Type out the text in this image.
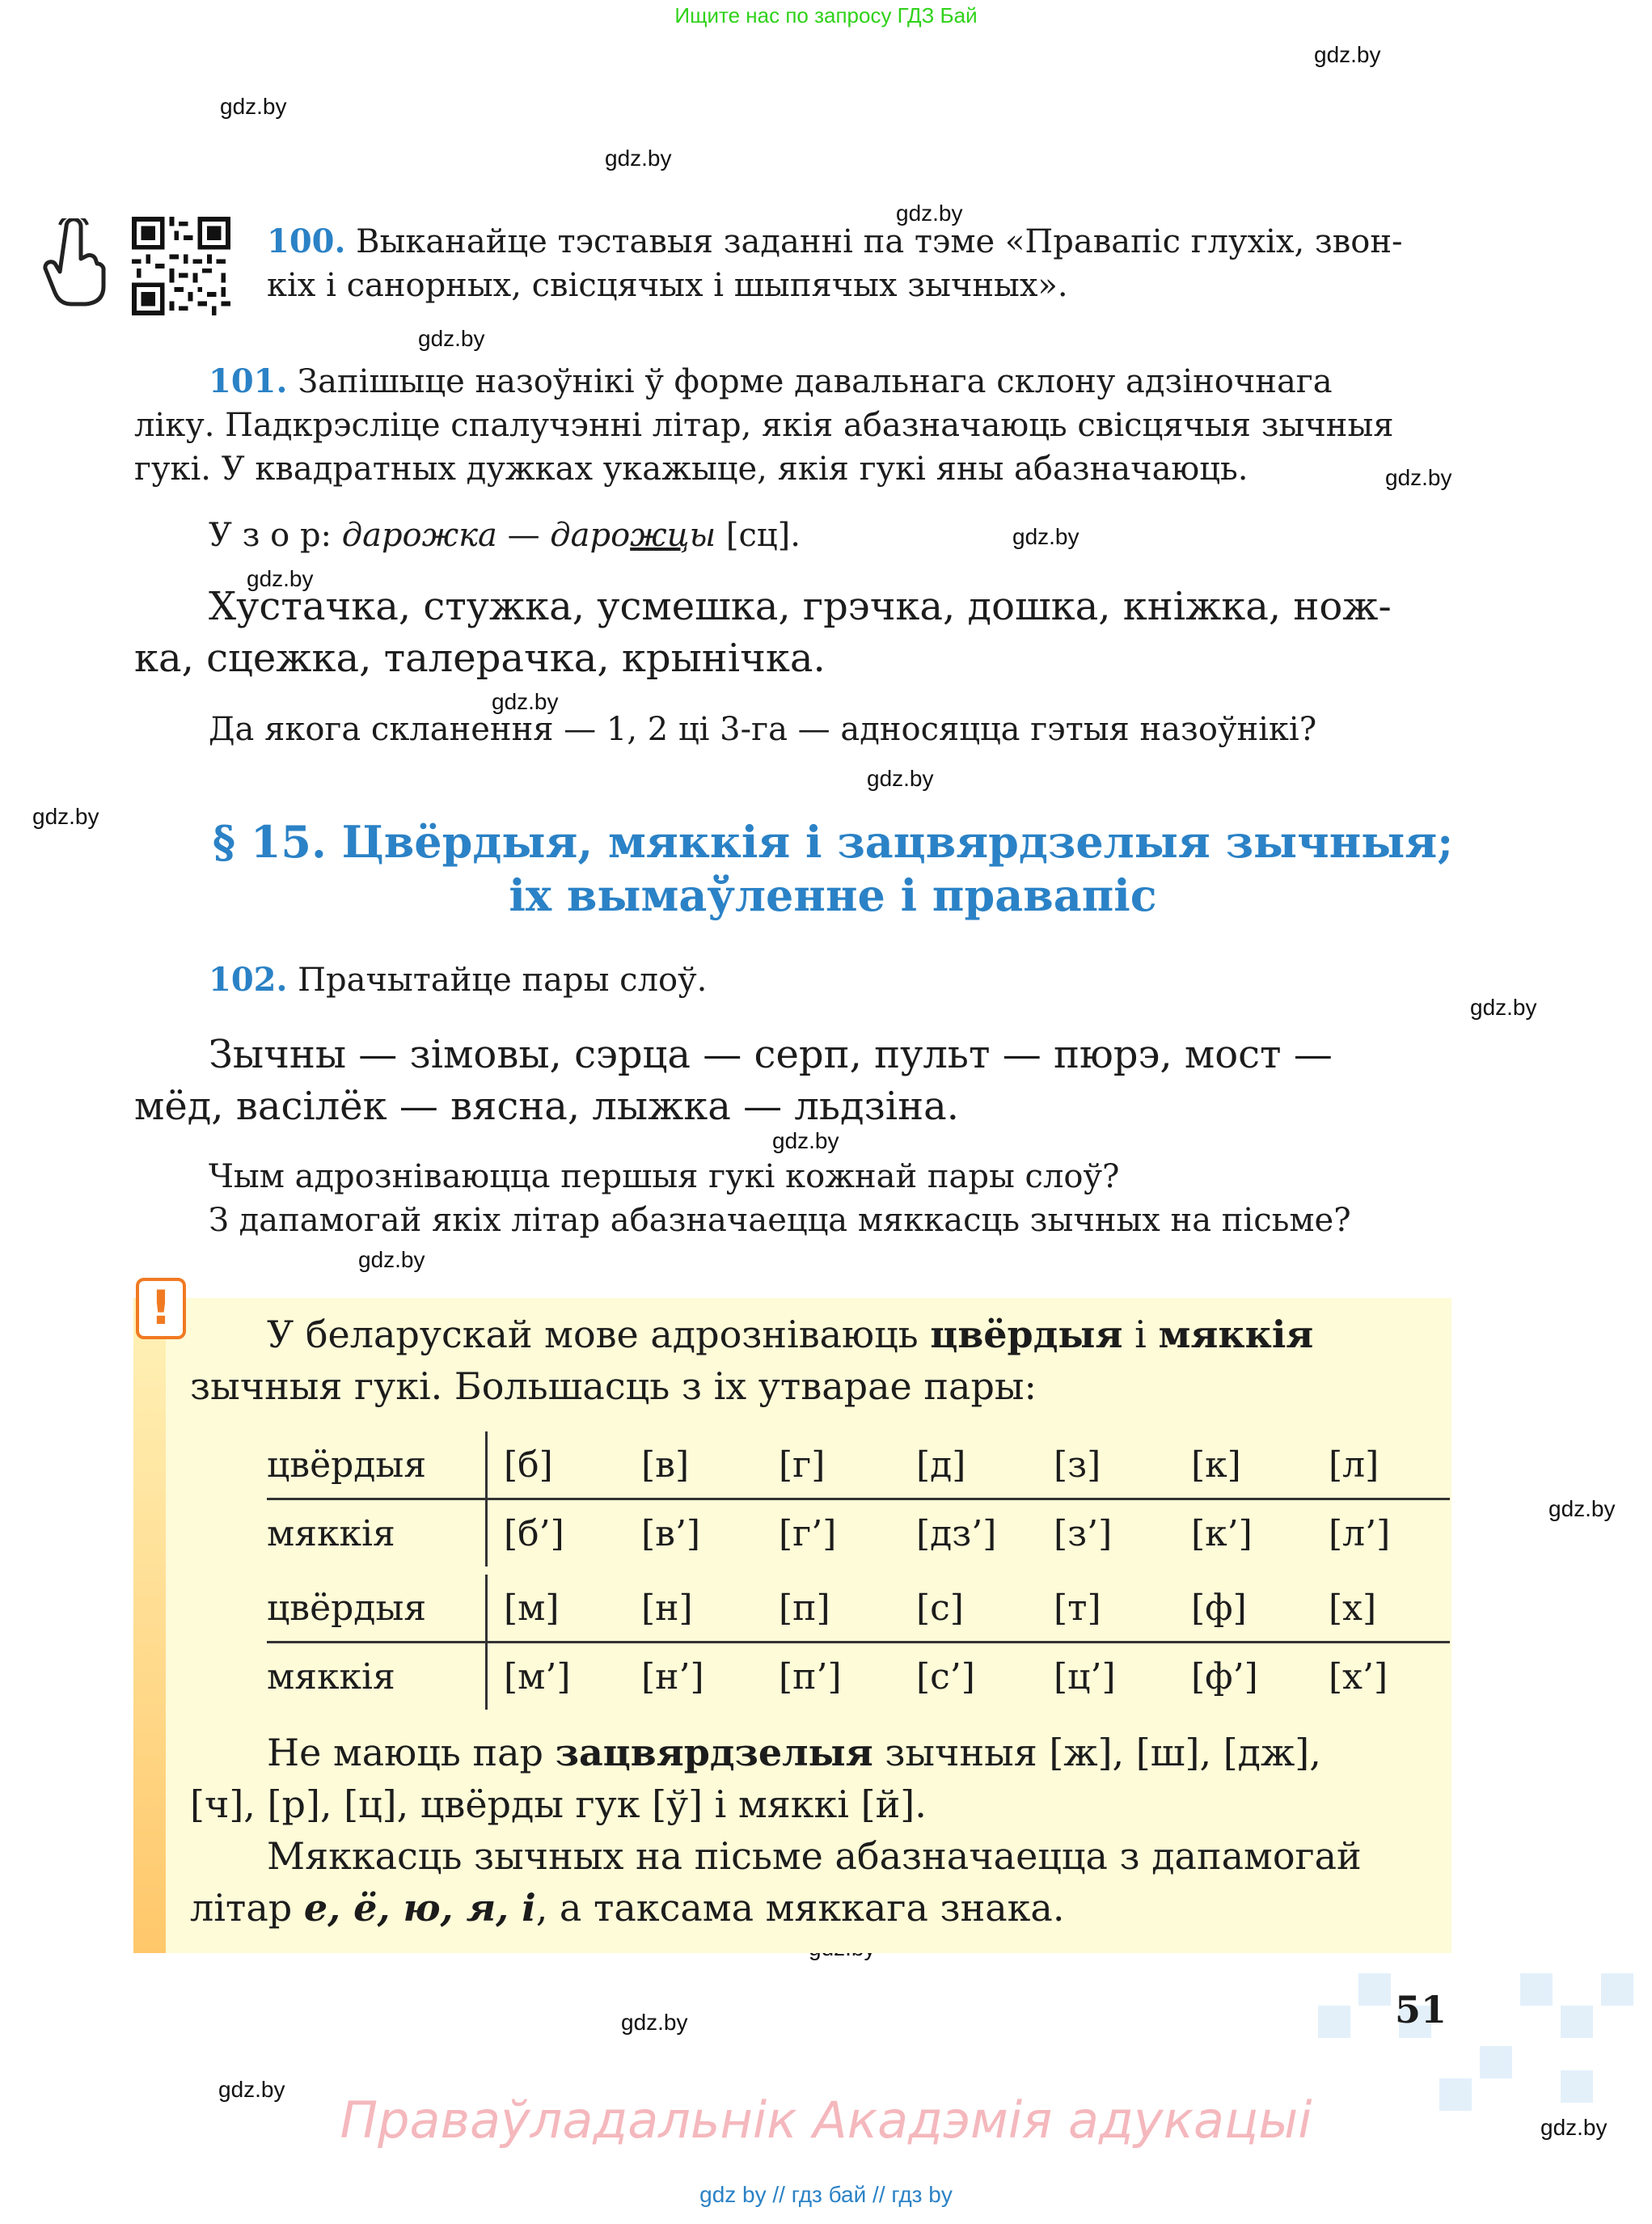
Ищите нас по запросу ГДЗ Бай
gdz.by
gdz.by
gdz.by
gdz.by
gdz.by
gdz.by
gdz.by
gdz.by
gdz.by
gdz.by
gdz.by
gdz.by
gdz.by
gdz.by
gdz.by
gdz.by
gdz.by
gdz.by
100. Выканайце тэставыя заданні па тэме «Правапіс глухіх, звон-
кіх і санорных, свісцячых і шыпячых зычных».
101. Запішыце назоўнікі ў форме давальнага склону адзіночнага
ліку. Падкрэсліце спалучэнні літар, якія абазначаюць свісцячыя зычныя
гукі. У квадратных дужках укажыце, якія гукі яны абазначаюць.
У з о р: дарожка — дарожцы [сц].
Хустачка, стужка, усмешка, грэчка, дошка, кніжка, нож-
ка, сцежка, талерачка, крынічка.
Да якога скланення — 1, 2 ці 3-га — адносяцца гэтыя назоўнікі?
§ 15. Цвёрдыя, мяккія і зацвярдзелыя зычныя;
іх вымаўленне і правапіс
102. Прачытайце пары слоў.
Зычны — зімовы, сэрца — серп, пульт — пюрэ, мост —
мёд, васілёк — вясна, лыжка — льдзіна.
Чым адрозніваюцца першыя гукі кожнай пары слоў?
З дапамогай якіх літар абазначаецца мяккасць зычных на пісьме?
!	У беларускай мове адрозніваюць цвёрдыя і мяккія
зычныя гукі. Большасць з іх утварае пары:
цвёрдыя		[б]	[в]	[г]	[д]	[з]	[к]	[л]
мяккія		[б’]	[в’]	[г’]	[дз’]	[з’]	[к’]	[л’]

цвёрдыя		[м]	[н]	[п]	[с]	[т]	[ф]	[х]
мяккія		[м’]	[н’]	[п’]	[с’]	[ц’]	[ф’]	[х’]
Не маюць пар зацвярдзелыя зычныя [ж], [ш], [дж],
[ч], [р], [ц], цвёрды гук [ў] і мяккі [й].
Мяккасць зычных на пісьме абазначаецца з дапамогай
літар е, ё, ю, я, і, а таксама мяккага знака.
51
Праваўладальнік Акадэмія адукацыі
gdz by // гдз бай // гдз by
